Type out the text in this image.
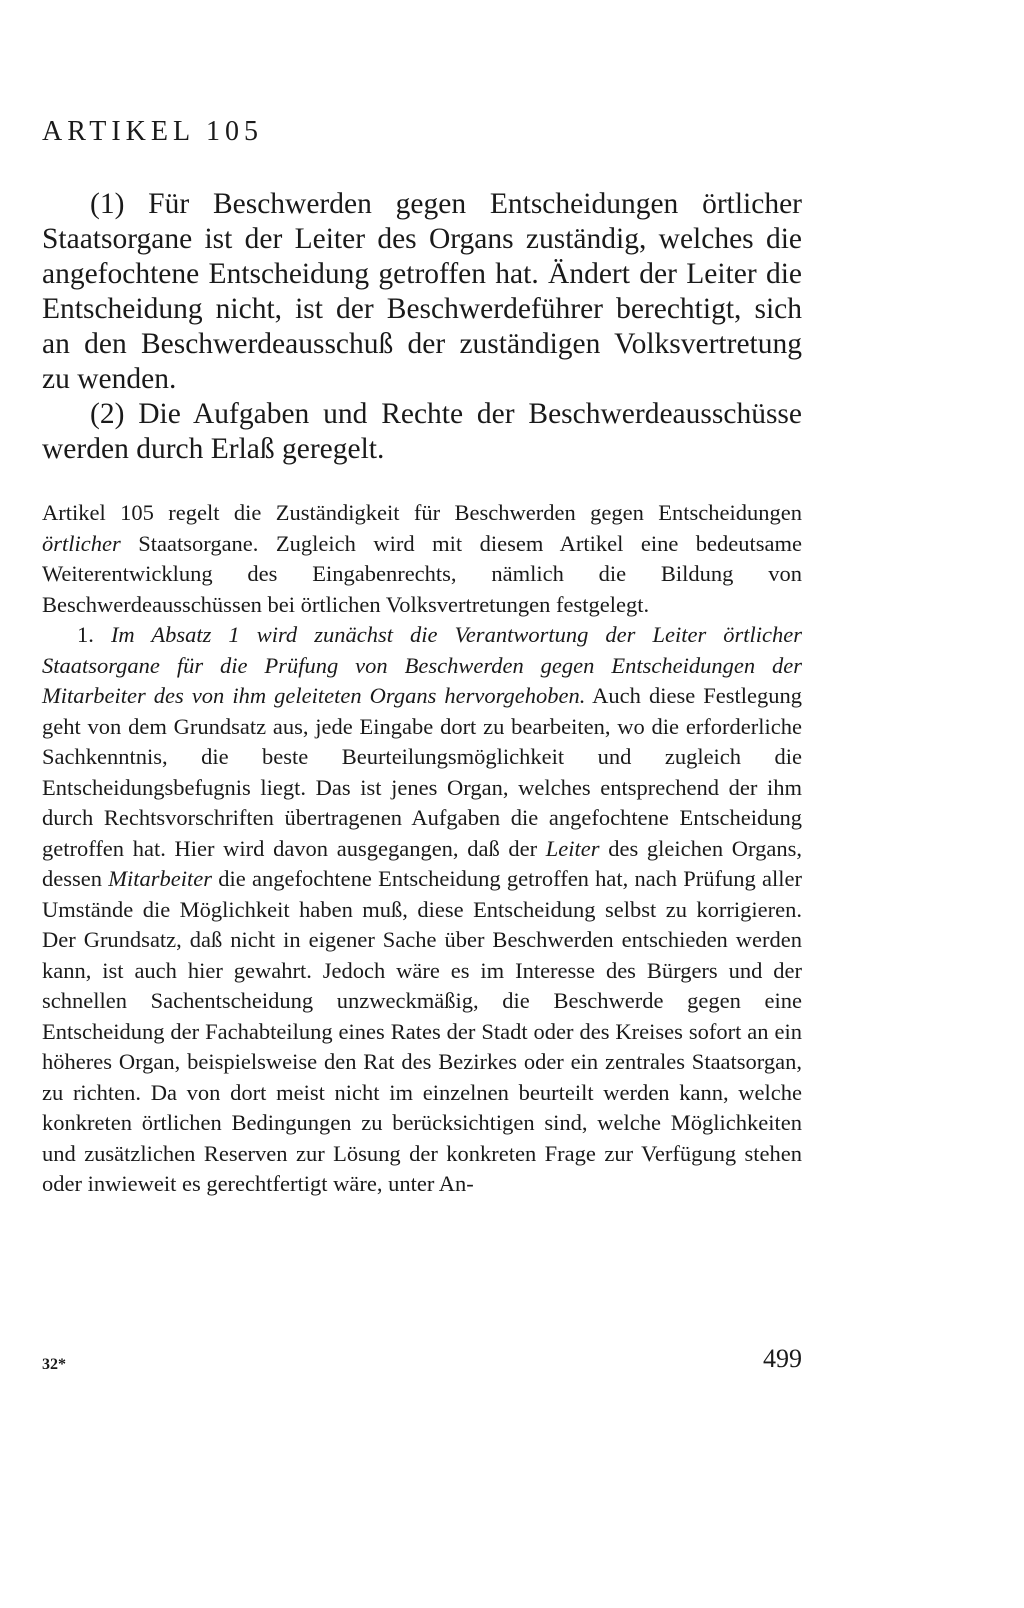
ARTIKEL 105

(1) Für Beschwerden gegen Entscheidungen örtlicher Staatsorgane ist der Leiter des Organs zuständig, welches die angefochtene Entscheidung getroffen hat. Ändert der Leiter die Entscheidung nicht, ist der Beschwerdeführer berechtigt, sich an den Beschwerdeausschuß der zuständigen Volksvertretung zu wenden.

(2) Die Aufgaben und Rechte der Beschwerdeausschüsse werden durch Erlaß geregelt.

Artikel 105 regelt die Zuständigkeit für Beschwerden gegen Entscheidungen örtlicher Staatsorgane. Zugleich wird mit diesem Artikel eine bedeutsame Weiterentwicklung des Eingabenrechts, nämlich die Bildung von Beschwerdeausschüssen bei örtlichen Volksvertretungen festgelegt.

1. Im Absatz 1 wird zunächst die Verantwortung der Leiter örtlicher Staatsorgane für die Prüfung von Beschwerden gegen Entscheidungen der Mitarbeiter des von ihm geleiteten Organs hervorgehoben. Auch diese Festlegung geht von dem Grundsatz aus, jede Eingabe dort zu bearbeiten, wo die erforderliche Sachkenntnis, die beste Beurteilungsmöglichkeit und zugleich die Entscheidungsbefugnis liegt. Das ist jenes Organ, welches entsprechend der ihm durch Rechtsvorschriften übertragenen Aufgaben die angefochtene Entscheidung getroffen hat. Hier wird davon ausgegangen, daß der Leiter des gleichen Organs, dessen Mitarbeiter die angefochtene Entscheidung getroffen hat, nach Prüfung aller Umstände die Möglichkeit haben muß, diese Entscheidung selbst zu korrigieren. Der Grundsatz, daß nicht in eigener Sache über Beschwerden entschieden werden kann, ist auch hier gewahrt. Jedoch wäre es im Interesse des Bürgers und der schnellen Sachentscheidung unzweckmäßig, die Beschwerde gegen eine Entscheidung der Fachabteilung eines Rates der Stadt oder des Kreises sofort an ein höheres Organ, beispielsweise den Rat des Bezirkes oder ein zentrales Staatsorgan, zu richten. Da von dort meist nicht im einzelnen beurteilt werden kann, welche konkreten örtlichen Bedingungen zu berücksichtigen sind, welche Möglichkeiten und zusätzlichen Reserven zur Lösung der konkreten Frage zur Verfügung stehen oder inwieweit es gerechtfertigt wäre, unter An-

32*	499
